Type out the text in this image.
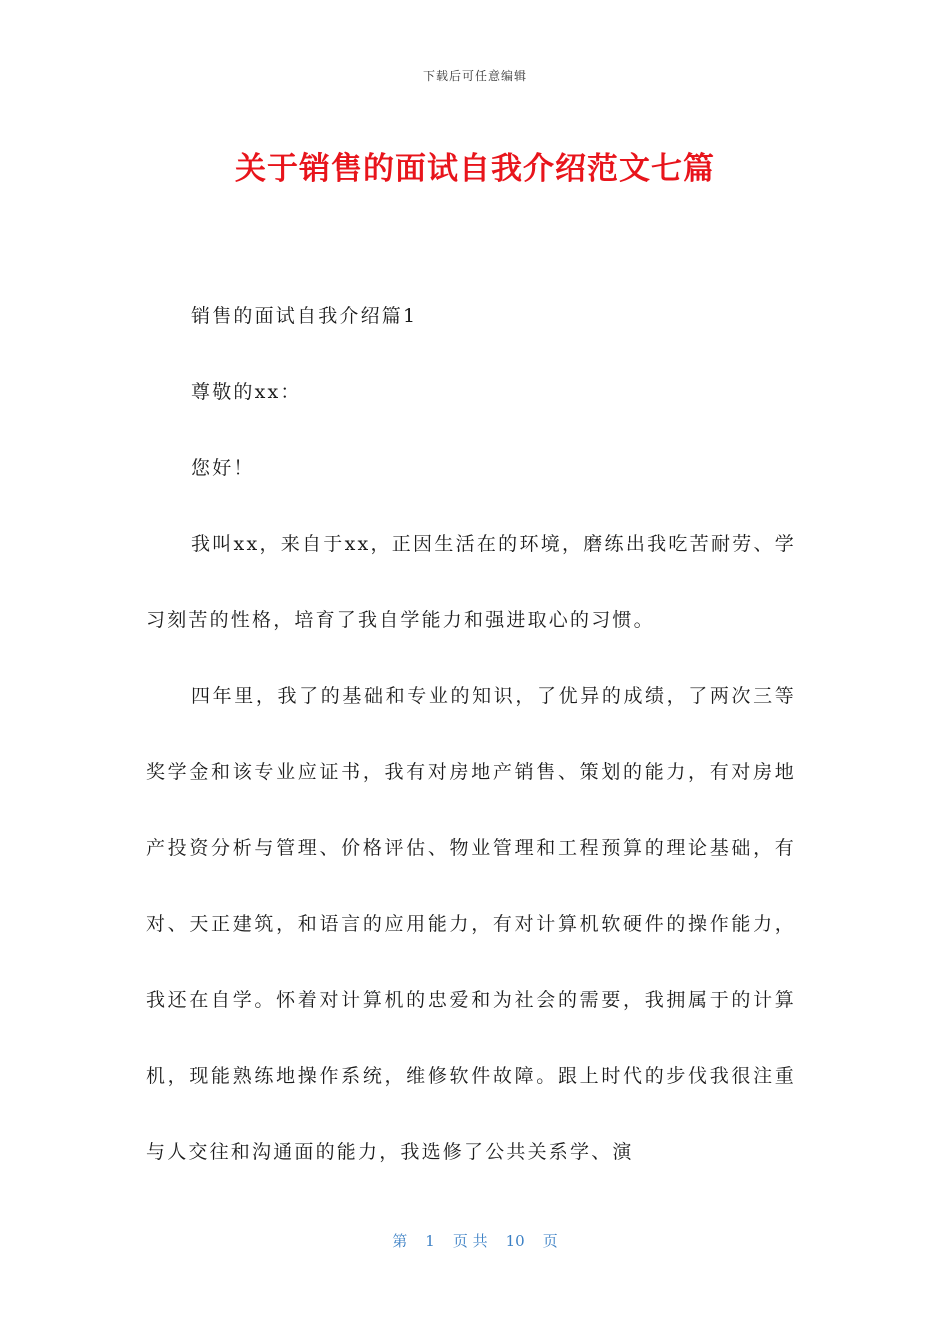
下载后可任意编辑
关于销售的面试自我介绍范文七篇

销售的面试自我介绍篇1

尊敬的xx：

您好！

我叫xx，来自于xx，正因生活在的环境，磨练出我吃苦耐劳、学习刻苦的性格，培育了我自学能力和强进取心的习惯。

四年里，我了的基础和专业的知识，了优异的成绩，了两次三等奖学金和该专业应证书，我有对房地产销售、策划的能力，有对房地产投资分析与管理、价格评估、物业管理和工程预算的理论基础，有对、天正建筑，和语言的应用能力，有对计算机软硬件的操作能力，我还在自学。怀着对计算机的忠爱和为社会的需要，我拥属于的计算机，现能熟练地操作系统，维修软件故障。跟上时代的步伐我很注重与人交往和沟通面的能力，我选修了公共关系学、演

第 1 页 共 10 页
